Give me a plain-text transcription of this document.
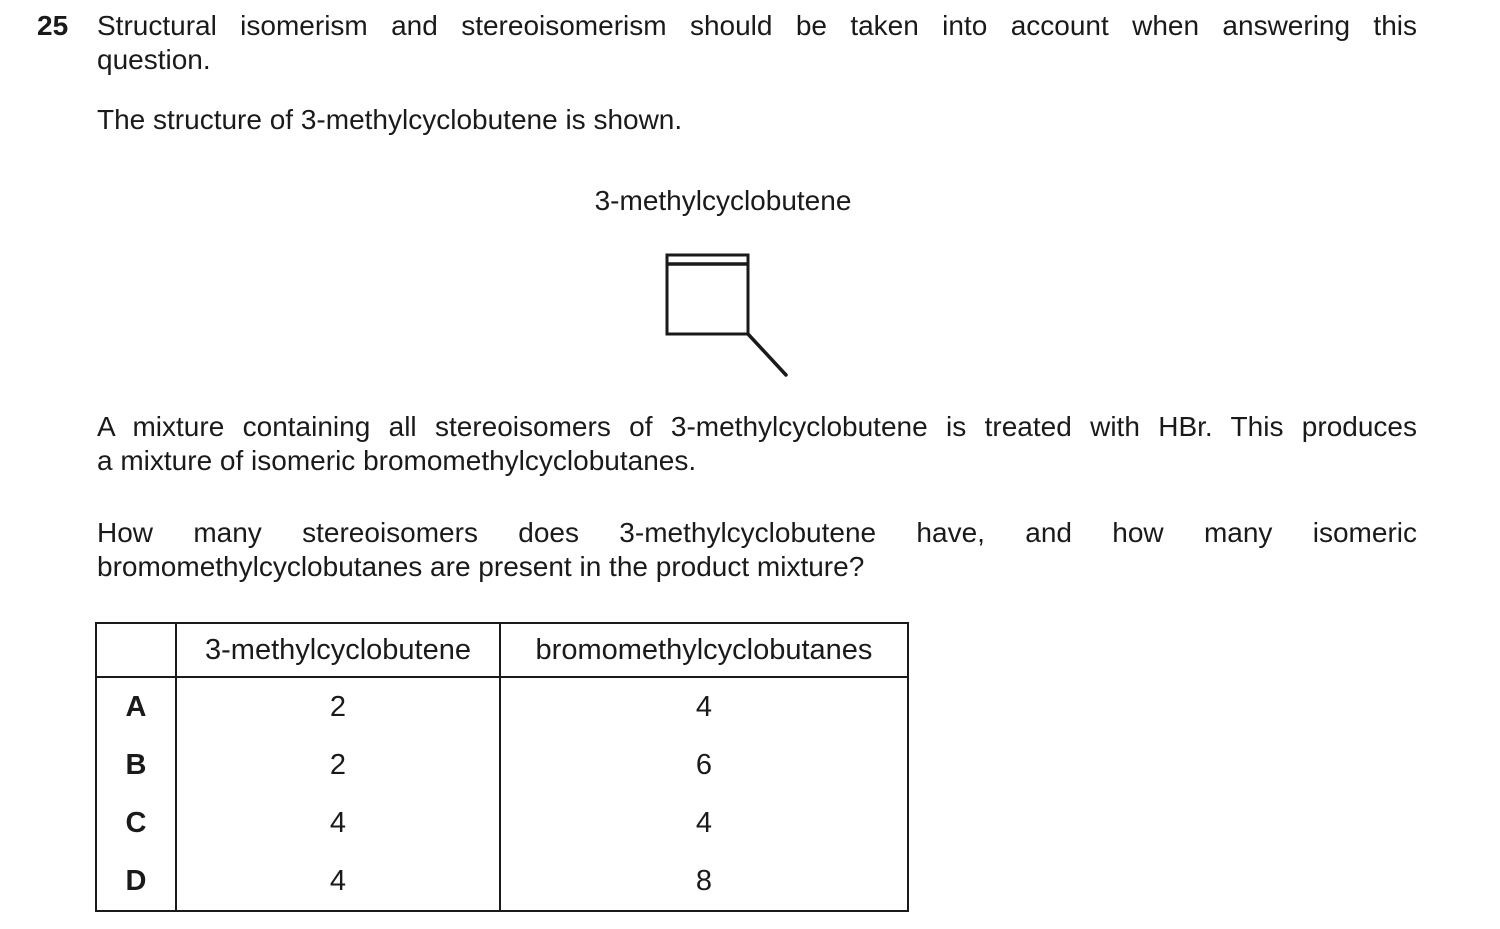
25 Structural isomerism and stereoisomerism should be taken into account when answering this
question.
The structure of 3-methylcyclobutene is shown.
3-methylcyclobutene
A mixture containing all stereoisomers of 3-methylcyclobutene is treated with HBr. This produces
a mixture of isomeric bromomethylcyclobutanes.
How many stereoisomers does 3-methylcyclobutene have, and how many isomeric
bromomethylcyclobutanes are present in the product mixture?
	3-methylcyclobutene	bromomethylcyclobutanes
A	2	4
B	2	6
C	4	4
D	4	8
